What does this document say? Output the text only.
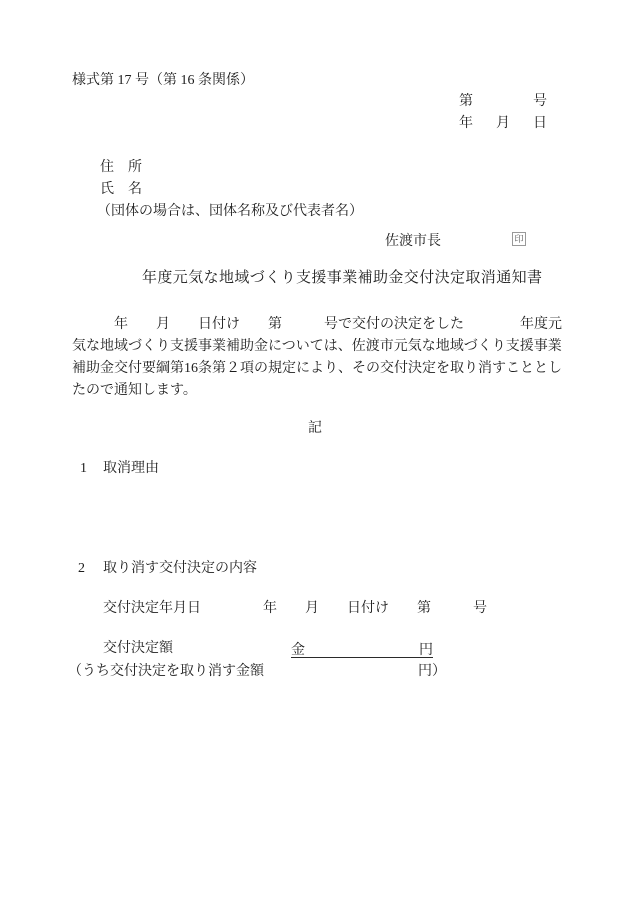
様式第 17 号（第 16 条関係）
第	号
年 月 日
住　所
氏　名
（団体の場合は、団体名称及び代表者名）
佐渡市長	印
年度元気な地域づくり支援事業補助金交付決定取消通知書
　　　年　　月　　日付け　　第　　　号で交付の決定をした　　　　年度元
気な地域づくり支援事業補助金については、佐渡市元気な地域づくり支援事業
補助金交付要綱第16条第２項の規定により、その交付決定を取り消すこととし
たので通知します。
記
1 取消理由
2 取り消す交付決定の内容
交付決定年月日	年　　月　　日付け　　第　　　号
交付決定額	金	円
（うち交付決定を取り消す金額	円）
